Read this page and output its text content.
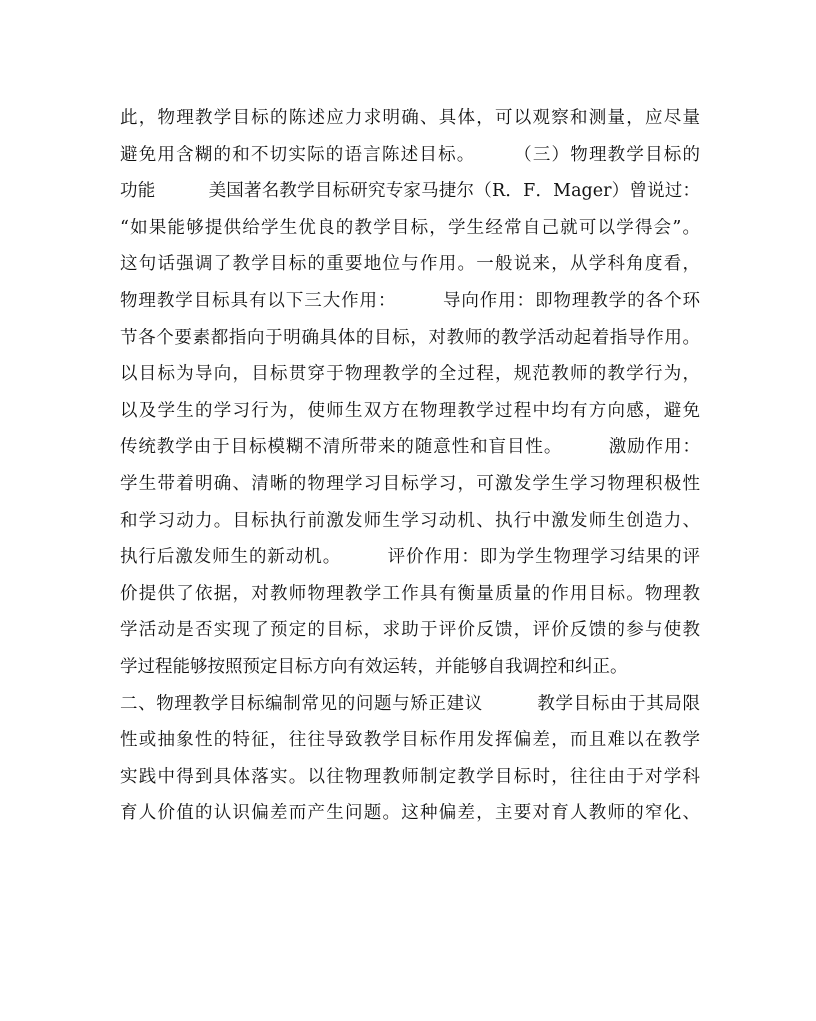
此，物理教学目标的陈述应力求明确、具体，可以观察和测量，应尽量
避免用含糊的和不切实际的语言陈述目标。　　　（三）物理教学目标的
功能　　　美国著名教学目标研究专家马捷尔（R．F．Mager）曾说过：
“如果能够提供给学生优良的教学目标，学生经常自己就可以学得会”。
这句话强调了教学目标的重要地位与作用。一般说来，从学科角度看，
物理教学目标具有以下三大作用：　　　导向作用：即物理教学的各个环
节各个要素都指向于明确具体的目标，对教师的教学活动起着指导作用。
以目标为导向，目标贯穿于物理教学的全过程，规范教师的教学行为，
以及学生的学习行为，使师生双方在物理教学过程中均有方向感，避免
传统教学由于目标模糊不清所带来的随意性和盲目性。　　　激励作用：
学生带着明确、清晰的物理学习目标学习，可激发学生学习物理积极性
和学习动力。目标执行前激发师生学习动机、执行中激发师生创造力、
执行后激发师生的新动机。　　　评价作用：即为学生物理学习结果的评
价提供了依据，对教师物理教学工作具有衡量质量的作用目标。物理教
学活动是否实现了预定的目标，求助于评价反馈，评价反馈的参与使教
学过程能够按照预定目标方向有效运转，并能够自我调控和纠正。
二、物理教学目标编制常见的问题与矫正建议　　　教学目标由于其局限
性或抽象性的特征，往往导致教学目标作用发挥偏差，而且难以在教学
实践中得到具体落实。以往物理教师制定教学目标时，往往由于对学科
育人价值的认识偏差而产生问题。这种偏差，主要对育人教师的窄化、
